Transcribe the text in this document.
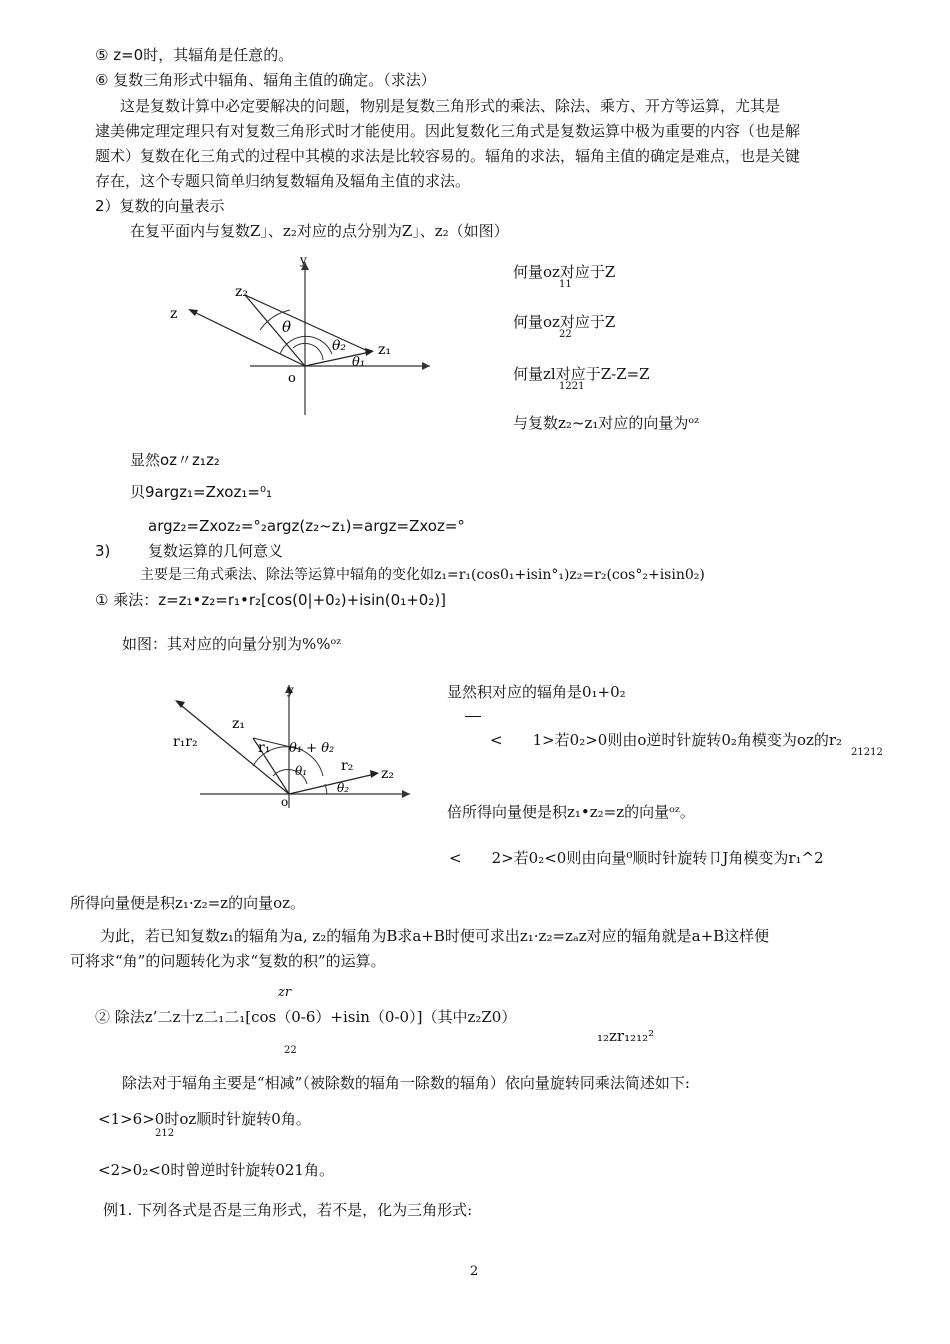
⑤ z=0时，其辐角是任意的。
⑥ 复数三角形式中辐角、辐角主值的确定。（求法）
这是复数计算中必定要解决的问题，物别是复数三角形式的乘法、除法、乘方、开方等运算，尤其是
逮美佛定理定理只有对复数三角形式时才能使用。因此复数化三角式是复数运算中极为重要的内容（也是解
题术）复数在化三角式的过程中其模的求法是比较容易的。辐角的求法，辐角主值的确定是难点，也是关键
存在，这个专题只简单归纳复数辐角及辐角主值的求法。
2）复数的向量表示
在复平面内与复数Z」、z₂对应的点分别为Z」、z₂（如图）
y
z₂
z
θ
θ₂ z₁
θ₁
o
何量oz对应于Z
11
何量oz对应于Z
22
何量zl对应于Z-Z=Z
1221
与复数z₂~z₁对应的向量为ᵒᶻ
显然oz〃z₁z₂
贝9argz₁=Zxoz₁=⁰₁
argz₂=Zxoz₂=°₂argz(z₂~z₁)=argz=Zxoz=°
3)	复数运算的几何意义
主要是三角式乘法、除法等运算中辐角的变化如z₁=r₁(cos0₁+isin°₁)z₂=r₂(cos°₂+isin0₂)
① 乘法：z=z₁•z₂=r₁•r₂[cos(0|+0₂)+isin(0₁+0₂)]
如图：其对应的向量分别为%%ᵒᶻ
y
z₁
r₁r₂	r₁ θ₁ + θ₂
θ₁ r₂ z₂
θ₂
o
显然积对应的辐角是0₁+0₂
<　　1>若0₂>0则由o逆时针旋转0₂角模变为oz的r₂
21212
倍所得向量便是积z₁•z₂=z的向量ᵒᶻ。
<　　2>若0₂<0则由向量⁰顺时针旋转卩J角模变为r₁^2
所得向量便是积z₁·z₂=z的向量oz。
为此，若已知复数z₁的辐角为a, z₂的辐角为B求a+B时便可求出z₁·z₂=zₐz对应的辐角就是a+B这样便
可将求“角”的问题转化为求“复数的积”的运算。
zr
② 除法z’二z十z二₁二₁[cos（0-6）+isin（0-0）]（其中z₂Z0）
22
₁₂zr₁₂₁₂²
除法对于辐角主要是“相减”（被除数的辐角一除数的辐角）依向量旋转同乘法简述如下:
<1>6>0时oz顺时针旋转0角。
212
<2>0₂<0时曾逆时针旋转021角。
例1. 下列各式是否是三角形式，若不是，化为三角形式:
2
